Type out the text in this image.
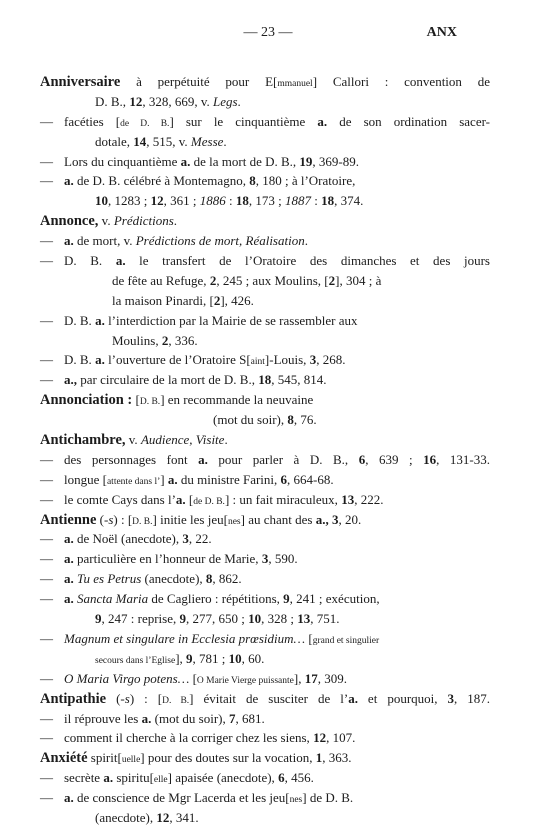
— 23 —	ANX
Anniversaire à perpétuité pour E[mmanuel] Callori : convention de
D. B., 12, 328, 669, v. Legs.
— facéties [de D. B.] sur le cinquantième a. de son ordination sacer-
dotale, 14, 515, v. Messe.
— Lors du cinquantième a. de la mort de D. B., 19, 369-89.
— a. de D. B. célébré à Montemagno, 8, 180 ; à l’Oratoire,
10, 1283 ; 12, 361 ; 1886 : 18, 173 ; 1887 : 18, 374.
Annonce, v. Prédictions.
— a. de mort, v. Prédictions de mort, Réalisation.
— D. B. a. le transfert de l’Oratoire des dimanches et des jours
de fête au Refuge, 2, 245 ; aux Moulins, [2], 304 ; à
la maison Pinardi, [2], 426.
— D. B. a. l’interdiction par la Mairie de se rassembler aux
Moulins, 2, 336.
— D. B. a. l’ouverture de l’Oratoire S[aint]-Louis, 3, 268.
— a., par circulaire de la mort de D. B., 18, 545, 814.
Annonciation : [D. B.] en recommande la neuvaine
(mot du soir), 8, 76.
Antichambre, v. Audience, Visite.
— des personnages font a. pour parler à D. B., 6, 639 ; 16, 131-33.
— longue [attente dans l’] a. du ministre Farini, 6, 664-68.
— le comte Cays dans l’a. [de D. B.] : un fait miraculeux, 13, 222.
Antienne (-s) : [D. B.] initie les jeu[nes] au chant des a., 3, 20.
— a. de Noël (anecdote), 3, 22.
— a. particulière en l’honneur de Marie, 3, 590.
— a. Tu es Petrus (anecdote), 8, 862.
— a. Sancta Maria de Cagliero : répétitions, 9, 241 ; exécution,
9, 247 : reprise, 9, 277, 650 ; 10, 328 ; 13, 751.
— Magnum et singulare in Ecclesia prœsidium… [grand et singulier
secours dans l’Eglise], 9, 781 ; 10, 60.
— O Maria Virgo potens… [O Marie Vierge puissante], 17, 309.
Antipathie (-s) : [D. B.] évitait de susciter de l’a. et pourquoi, 3, 187.
— il réprouve les a. (mot du soir), 7, 681.
— comment il cherche à la corriger chez les siens, 12, 107.
Anxiété spirit[uelle] pour des doutes sur la vocation, 1, 363.
— secrète a. spiritu[elle] apaisée (anecdote), 6, 456.
— a. de conscience de Mgr Lacerda et les jeu[nes] de D. B.
(anecdote), 12, 341.
